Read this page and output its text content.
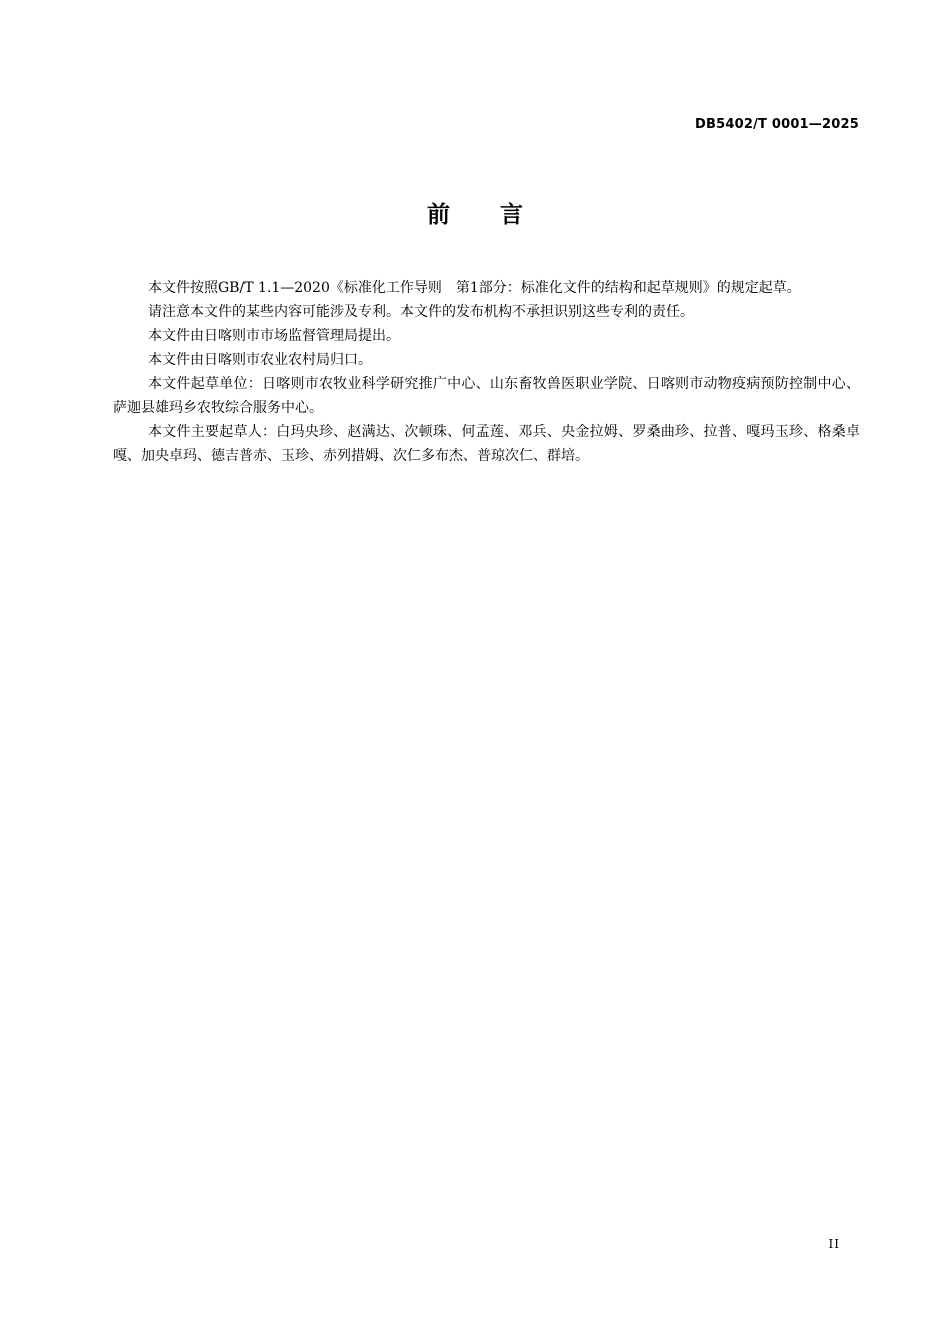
DB5402/T 0001—2025
前 言

本文件按照GB/T 1.1—2020《标准化工作导则　第1部分：标准化文件的结构和起草规则》的规定起草。

请注意本文件的某些内容可能涉及专利。本文件的发布机构不承担识别这些专利的责任。

本文件由日喀则市市场监督管理局提出。

本文件由日喀则市农业农村局归口。

本文件起草单位：日喀则市农牧业科学研究推广中心、山东畜牧兽医职业学院、日喀则市动物疫病预防控制中心、萨迦县雄玛乡农牧综合服务中心。

本文件主要起草人：白玛央珍、赵满达、次顿珠、何孟莲、邓兵、央金拉姆、罗桑曲珍、拉普、嘎玛玉珍、格桑卓嘎、加央卓玛、德吉普赤、玉珍、赤列措姆、次仁多布杰、普琼次仁、群培。

II
